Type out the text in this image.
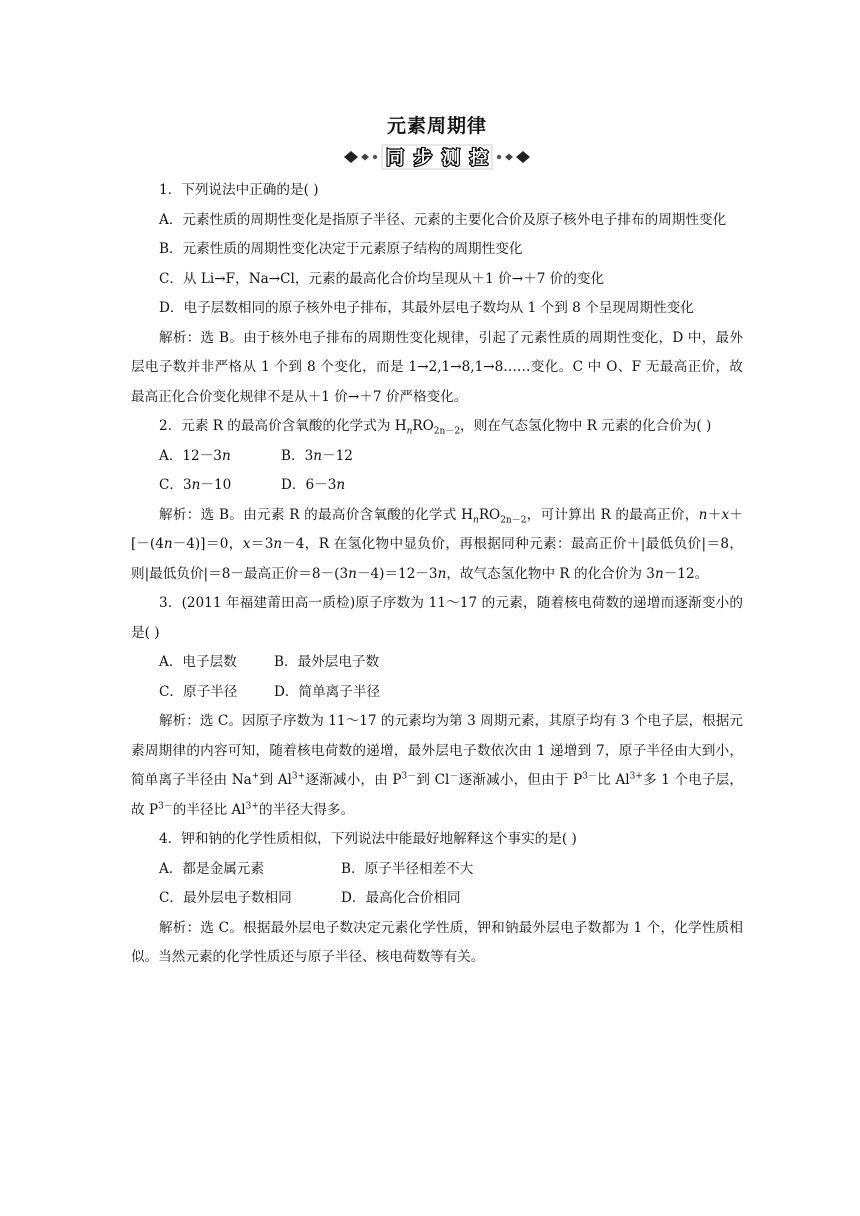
元素周期律
同 步 测 控

1．下列说法中正确的是( )

A．元素性质的周期性变化是指原子半径、元素的主要化合价及原子核外电子排布的周期性变化

B．元素性质的周期性变化决定于元素原子结构的周期性变化

C．从 Li→F，Na→Cl，元素的最高化合价均呈现从＋1 价→＋7 价的变化

D．电子层数相同的原子核外电子排布，其最外层电子数均从 1 个到 8 个呈现周期性变化

解析：选 B。由于核外电子排布的周期性变化规律，引起了元素性质的周期性变化，D 中，最外层电子数并非严格从 1 个到 8 个变化，而是 1→2,1→8,1→8……变化。C 中 O、F 无最高正价，故最高正化合价变化规律不是从＋1 价→＋7 价严格变化。

2．元素 R 的最高价含氧酸的化学式为 $H_nRO_{2n-2}$，则在气态氢化物中 R 元素的化合价为( )

A．12－3n	B．3n－12
C．3n－10	D．6－3n

解析：选 B。由元素 R 的最高价含氧酸的化学式 $H_nRO_{2n-2}$，可计算出 R 的最高正价，n＋x＋[－(4n－4)]＝0，x＝3n－4，R 在氢化物中显负价，再根据同种元素：最高正价＋|最低负价|＝8，则|最低负价|＝8－最高正价＝8－(3n－4)＝12－3n，故气态氢化物中 R 的化合价为 3n－12。

3．(2011 年福建莆田高一质检)原子序数为 11～17 的元素，随着核电荷数的递增而逐渐变小的是( )

A．电子层数	B．最外层电子数
C．原子半径	D．简单离子半径

解析：选 C。因原子序数为 11～17 的元素均为第 3 周期元素，其原子均有 3 个电子层，根据元素周期律的内容可知，随着核电荷数的递增，最外层电子数依次由 1 递增到 7，原子半径由大到小，简单离子半径由 Na+到 $Al^{3+}$逐渐减小，由 $P^{3-}$到 Cl－逐渐减小，但由于 $P^{3-}$比 $Al^{3+}$多 1 个电子层，故 $P^{3-}$的半径比 $Al^{3+}$的半径大得多。

4．钾和钠的化学性质相似，下列说法中能最好地解释这个事实的是( )

A．都是金属元素	B．原子半径相差不大
C．最外层电子数相同	D．最高化合价相同

解析：选 C。根据最外层电子数决定元素化学性质，钾和钠最外层电子数都为 1 个，化学性质相似。当然元素的化学性质还与原子半径、核电荷数等有关。
